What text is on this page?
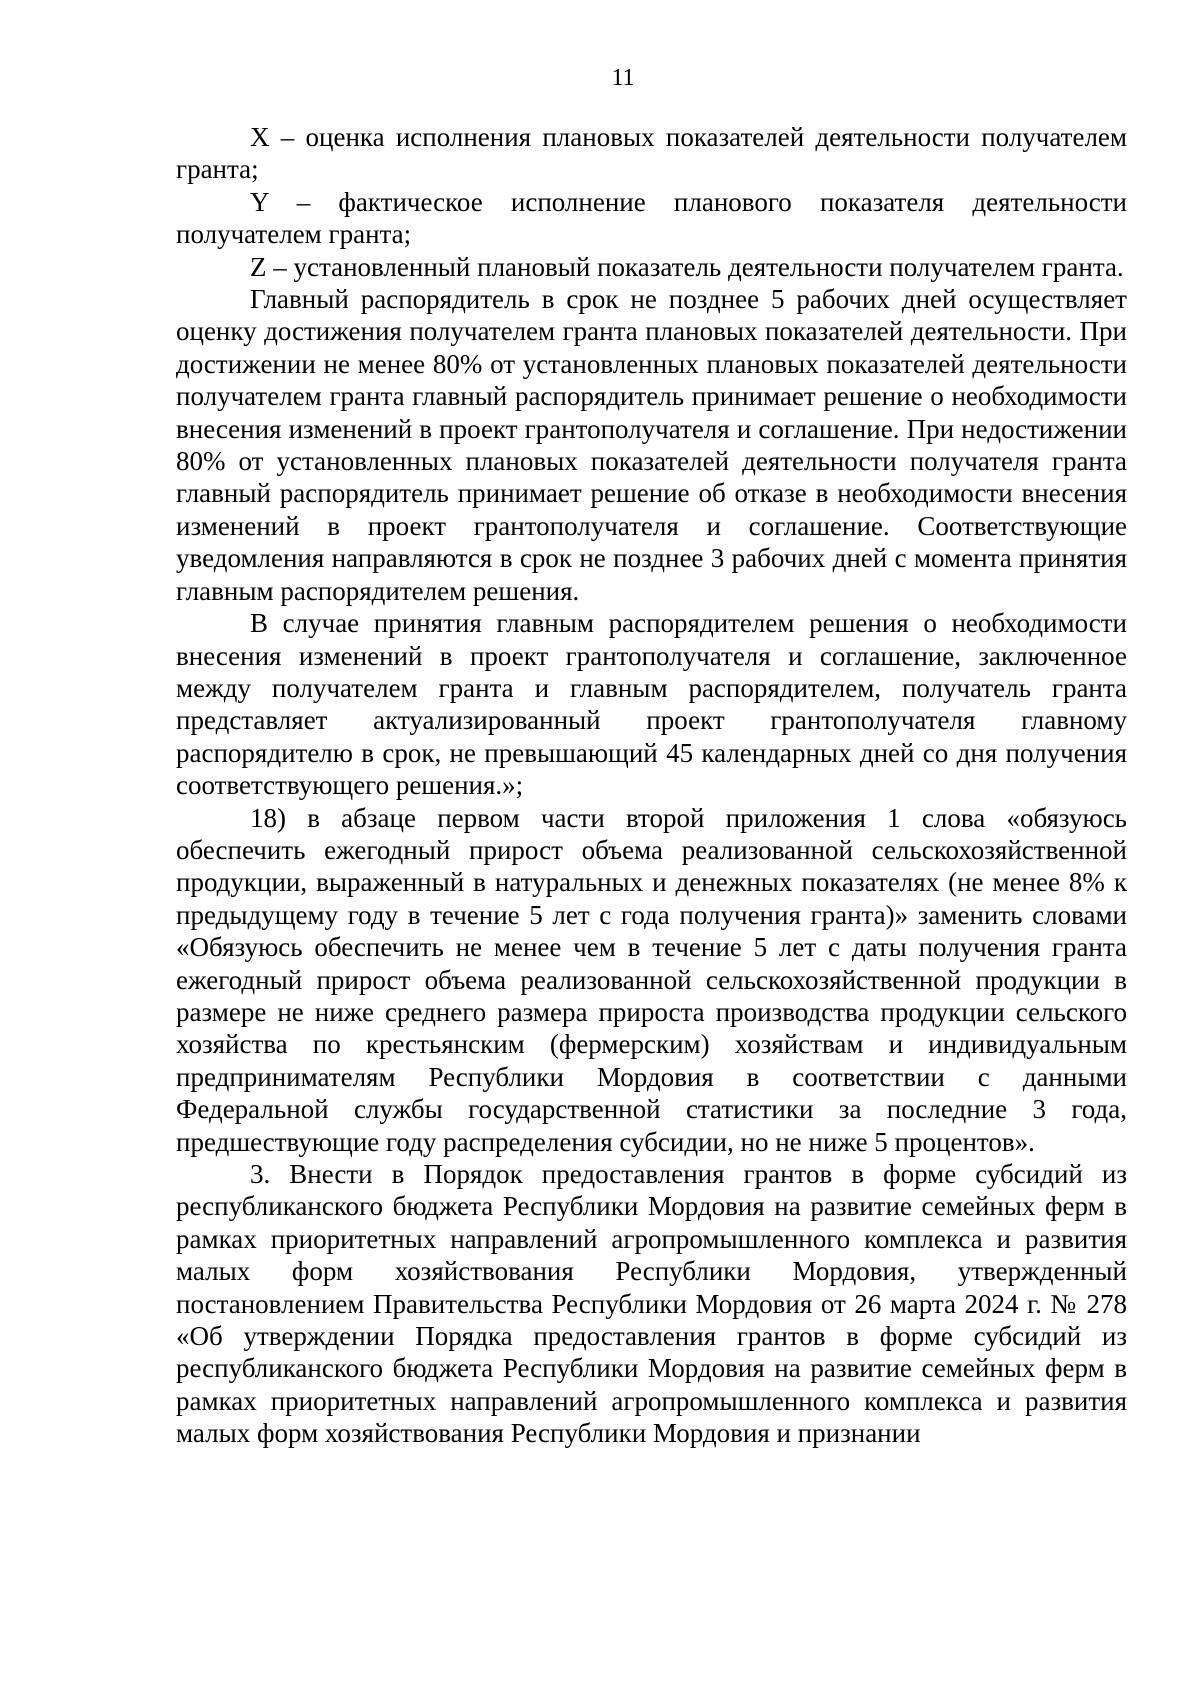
11

X – оценка исполнения плановых показателей деятельности получателем гранта;

Y – фактическое исполнение планового показателя деятельности получателем гранта;

Z – установленный плановый показатель деятельности получателем гранта.

Главный распорядитель в срок не позднее 5 рабочих дней осуществляет оценку достижения получателем гранта плановых показателей деятельности. При достижении не менее 80% от установленных плановых показателей деятельности получателем гранта главный распорядитель принимает решение о необходимости внесения изменений в проект грантополучателя и соглашение. При недостижении 80% от установленных плановых показателей деятельности получателя гранта главный распорядитель принимает решение об отказе в необходимости внесения изменений в проект грантополучателя и соглашение. Соответствующие уведомления направляются в срок не позднее 3 рабочих дней с момента принятия главным распорядителем решения.

В случае принятия главным распорядителем решения о необходимости внесения изменений в проект грантополучателя и соглашение, заключенное между получателем гранта и главным распорядителем, получатель гранта представляет актуализированный проект грантополучателя главному распорядителю в срок, не превышающий 45 календарных дней со дня получения соответствующего решения.»;

18) в абзаце первом части второй приложения 1 слова «обязуюсь обеспечить ежегодный прирост объема реализованной сельскохозяйственной продукции, выраженный в натуральных и денежных показателях (не менее 8% к предыдущему году в течение 5 лет с года получения гранта)» заменить словами «Обязуюсь обеспечить не менее чем в течение 5 лет с даты получения гранта ежегодный прирост объема реализованной сельскохозяйственной продукции в размере не ниже среднего размера прироста производства продукции сельского хозяйства по крестьянским (фермерским) хозяйствам и индивидуальным предпринимателям Республики Мордовия в соответствии с данными Федеральной службы государственной статистики за последние 3 года, предшествующие году распределения субсидии, но не ниже 5 процентов».

3. Внести в Порядок предоставления грантов в форме субсидий из республиканского бюджета Республики Мордовия на развитие семейных ферм в рамках приоритетных направлений агропромышленного комплекса и развития малых форм хозяйствования Республики Мордовия, утвержденный постановлением Правительства Республики Мордовия от 26 марта 2024 г. № 278 «Об утверждении Порядка предоставления грантов в форме субсидий из республиканского бюджета Республики Мордовия на развитие семейных ферм в рамках приоритетных направлений агропромышленного комплекса и развития малых форм хозяйствования Республики Мордовия и признании
